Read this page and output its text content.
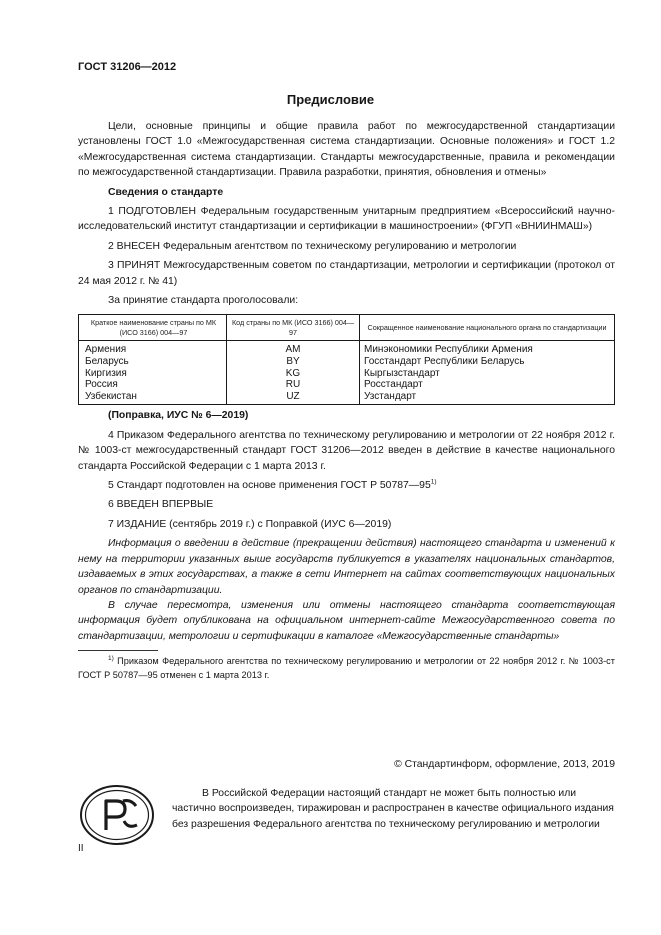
ГОСТ 31206—2012
Предисловие

Цели, основные принципы и общие правила работ по межгосударственной стандартизации установлены ГОСТ 1.0 «Межгосударственная система стандартизации. Основные положения» и ГОСТ 1.2 «Межгосударственная система стандартизации. Стандарты межгосударственные, правила и рекомендации по межгосударственной стандартизации. Правила разработки, принятия, обновления и отмены»

Сведения о стандарте

1 ПОДГОТОВЛЕН Федеральным государственным унитарным предприятием «Всероссийский научно-исследовательский институт стандартизации и сертификации в машиностроении» (ФГУП «ВНИИНМАШ»)

2 ВНЕСЕН Федеральным агентством по техническому регулированию и метрологии

3 ПРИНЯТ Межгосударственным советом по стандартизации, метрологии и сертификации (протокол от 24 мая 2012 г. № 41)

За принятие стандарта проголосовали:

Краткое наименование страны по МК (ИСО 3166) 004—97	Код страны по МК (ИСО 3166) 004—97	Сокращенное наименование национального органа по стандартизации
Армения	AM	Минэкономики Республики Армения
Беларусь	BY	Госстандарт Республики Беларусь
Киргизия	KG	Кыргызстандарт
Россия	RU	Росстандарт
Узбекистан	UZ	Узстандарт

(Поправка, ИУС № 6—2019)

4 Приказом Федерального агентства по техническому регулированию и метрологии от 22 ноября 2012 г. № 1003-ст межгосударственный стандарт ГОСТ 31206—2012 введен в действие в качестве национального стандарта Российской Федерации с 1 марта 2013 г.

5 Стандарт подготовлен на основе применения ГОСТ Р 50787—95$^{1)}$

6 ВВЕДЕН ВПЕРВЫЕ

7 ИЗДАНИЕ (сентябрь 2019 г.) с Поправкой (ИУС 6—2019)

Информация о введении в действие (прекращении действия) настоящего стандарта и изменений к нему на территории указанных выше государств публикуется в указателях национальных стандартов, издаваемых в этих государствах, а также в сети Интернет на сайтах соответствующих национальных органов по стандартизации.

В случае пересмотра, изменения или отмены настоящего стандарта соответствующая информация будет опубликована на официальном интернет-сайте Межгосударственного совета по стандартизации, метрологии и сертификации в каталоге «Межгосударственные стандарты»

$^{1)}$ Приказом Федерального агентства по техническому регулированию и метрологии от 22 ноября 2012 г. № 1003-ст ГОСТ Р 50787—95 отменен с 1 марта 2013 г.
© Стандартинформ, оформление, 2013, 2019
В Российской Федерации настоящий стандарт не может быть полностью или частично воспроизведен, тиражирован и распространен в качестве официального издания без разрешения Федерального агентства по техническому регулированию и метрологии
II
